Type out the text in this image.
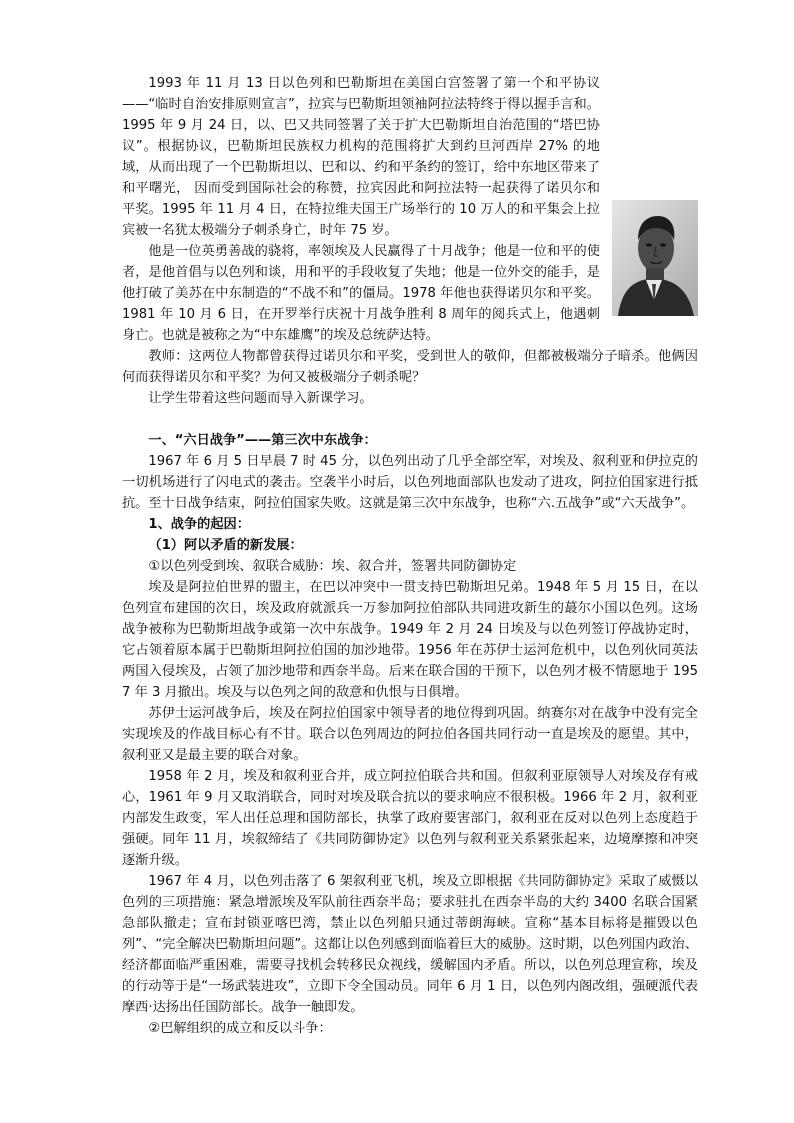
1993 年 11 月 13 日以色列和巴勒斯坦在美国白宫签署了第一个和平协议——“临时自治安排原则宣言”，拉宾与巴勒斯坦领袖阿拉法特终于得以握手言和。1995 年 9 月 24 日，以、巴又共同签署了关于扩大巴勒斯坦自治范围的“塔巴协议”。根据协议，巴勒斯坦民族权力机构的范围将扩大到约旦河西岸 27% 的地域，从而出现了一个巴勒斯坦以、巴和以、约和平条约的签订，给中东地区带来了和平曙光， 因而受到国际社会的称赞，拉宾因此和阿拉法特一起获得了诺贝尔和平奖。1995 年 11 月 4 日，在特拉维夫国王广场举行的 10 万人的和平集会上拉宾被一名犹太极端分子刺杀身亡，时年 75 岁。

他是一位英勇善战的骁将，率领埃及人民赢得了十月战争；他是一位和平的使者，是他首倡与以色列和谈，用和平的手段收复了失地；他是一位外交的能手，是他打破了美苏在中东制造的“不战不和”的僵局。1978 年他也获得诺贝尔和平奖。1981 年 10 月 6 日，在开罗举行庆祝十月战争胜利 8 周年的阅兵式上，他遇刺身亡。也就是被称之为“中东雄鹰”的埃及总统萨达特。

教师：这两位人物都曾获得过诺贝尔和平奖，受到世人的敬仰，但都被极端分子暗杀。他俩因何而获得诺贝尔和平奖？为何又被极端分子刺杀呢？

让学生带着这些问题而导入新课学习。

一、“六日战争”——第三次中东战争：

1967 年 6 月 5 日早晨 7 时 45 分，以色列出动了几乎全部空军，对埃及、叙利亚和伊拉克的一切机场进行了闪电式的袭击。空袭半小时后，以色列地面部队也发动了进攻，阿拉伯国家进行抵抗。至十日战争结束，阿拉伯国家失败。这就是第三次中东战争，也称“六.五战争”或“六天战争”。

1、战争的起因：

（1）阿以矛盾的新发展：

①以色列受到埃、叙联合威胁：埃、叙合并，签署共同防御协定

埃及是阿拉伯世界的盟主，在巴以冲突中一贯支持巴勒斯坦兄弟。1948 年 5 月 15 日，在以色列宣布建国的次日，埃及政府就派兵一万参加阿拉伯部队共同进攻新生的蕞尔小国以色列。这场战争被称为巴勒斯坦战争或第一次中东战争。1949 年 2 月 24 日埃及与以色列签订停战协定时，它占领着原本属于巴勒斯坦阿拉伯国的加沙地带。1956 年在苏伊士运河危机中，以色列伙同英法两国入侵埃及，占领了加沙地带和西奈半岛。后来在联合国的干预下，以色列才极不情愿地于 1957 年 3 月撤出。埃及与以色列之间的敌意和仇恨与日俱增。

苏伊士运河战争后，埃及在阿拉伯国家中领导者的地位得到巩固。纳赛尔对在战争中没有完全实现埃及的作战目标心有不甘。联合以色列周边的阿拉伯各国共同行动一直是埃及的愿望。其中，叙利亚又是最主要的联合对象。

1958 年 2 月，埃及和叙利亚合并，成立阿拉伯联合共和国。但叙利亚原领导人对埃及存有戒心，1961 年 9 月又取消联合，同时对埃及联合抗以的要求响应不很积极。1966 年 2 月，叙利亚内部发生政变，军人出任总理和国防部长，执掌了政府要害部门，叙利亚在反对以色列上态度趋于强硬。同年 11 月，埃叙缔结了《共同防御协定》以色列与叙利亚关系紧张起来，边境摩擦和冲突逐渐升级。

1967 年 4 月，以色列击落了 6 架叙利亚飞机，埃及立即根据《共同防御协定》采取了威慑以色列的三项措施：紧急增派埃及军队前往西奈半岛；要求驻扎在西奈半岛的大约 3400 名联合国紧急部队撤走；宣布封锁亚喀巴湾，禁止以色列船只通过蒂朗海峡。宣称“基本目标将是摧毁以色列”、“完全解决巴勒斯坦问题”。这都让以色列感到面临着巨大的威胁。这时期，以色列国内政治、经济都面临严重困难，需要寻找机会转移民众视线，缓解国内矛盾。所以，以色列总理宣称，埃及的行动等于是“一场武装进攻”，立即下令全国动员。同年 6 月 1 日，以色列内阁改组，强硬派代表摩西·达扬出任国防部长。战争一触即发。

②巴解组织的成立和反以斗争：
